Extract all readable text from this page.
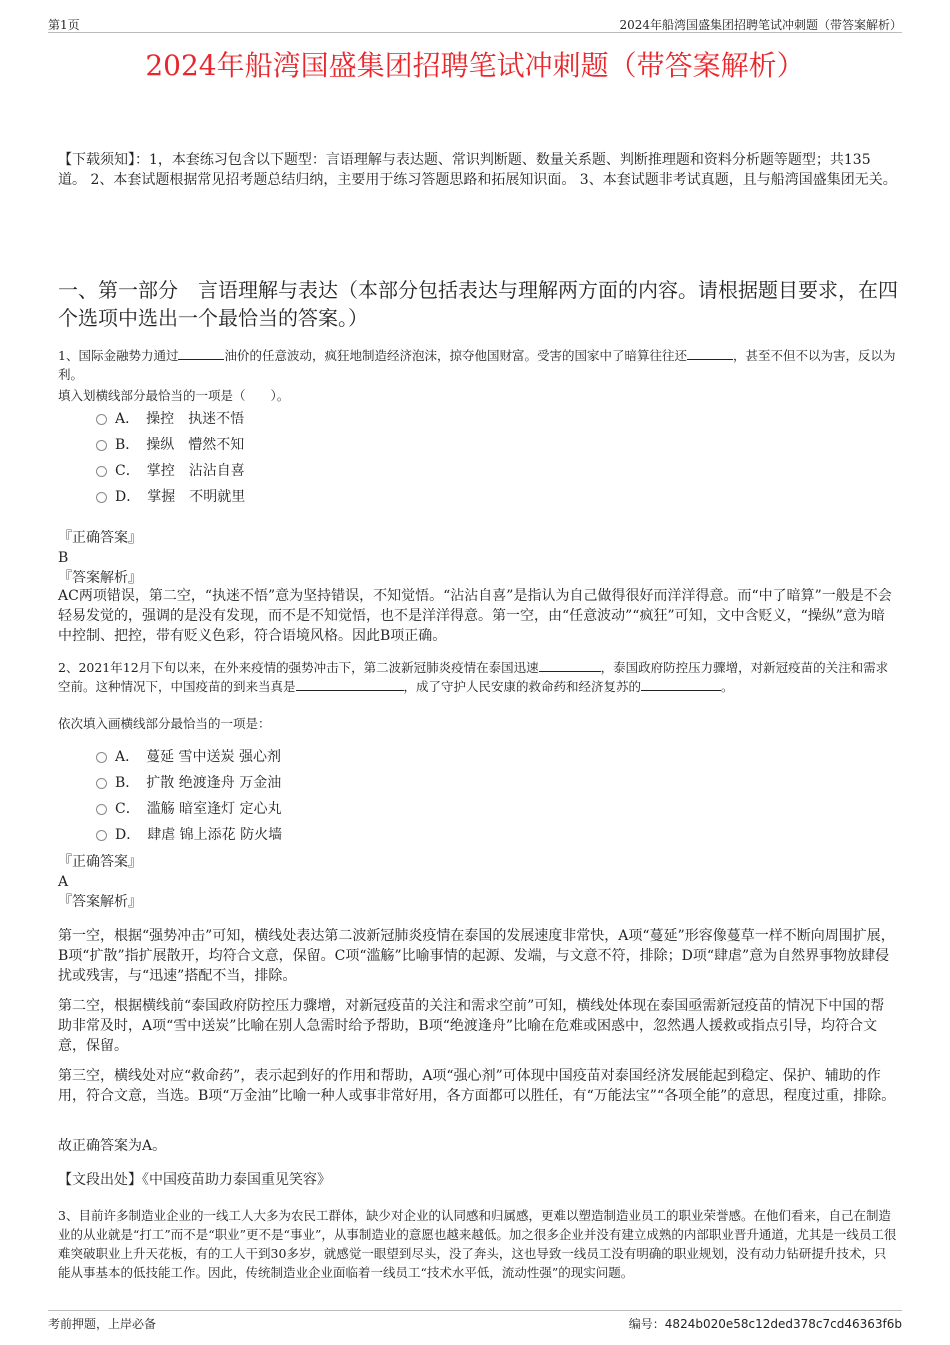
第1页	2024年船湾国盛集团招聘笔试冲刺题（带答案解析）
2024年船湾国盛集团招聘笔试冲刺题（带答案解析）
【下载须知】：1，本套练习包含以下题型：言语理解与表达题、常识判断题、数量关系题、判断推理题和资料分析题等题型；共135道。 2、本套试题根据常见招考题总结归纳，主要用于练习答题思路和拓展知识面。 3、本套试题非考试真题，且与船湾国盛集团无关。
一、第一部分　言语理解与表达（本部分包括表达与理解两方面的内容。请根据题目要求，在四个选项中选出一个最恰当的答案。）
1、国际金融势力通过	油价的任意波动，疯狂地制造经济泡沫，掠夺他国财富。受害的国家中了暗算往往还	，甚至不但不以为害，反以为利。
填入划横线部分最恰当的一项是（　　）。
A．　操控　执迷不悟
B．　操纵　懵然不知
C．　掌控　沾沾自喜
D．　掌握　不明就里
『正确答案』
B
『答案解析』
AC两项错误，第二空，“执迷不悟”意为坚持错误，不知觉悟。“沾沾自喜”是指认为自己做得很好而洋洋得意。而“中了暗算”一般是不会轻易发觉的，强调的是没有发现，而不是不知觉悟，也不是洋洋得意。第一空，由“任意波动”“疯狂”可知，文中含贬义，“操纵”意为暗中控制、把控，带有贬义色彩，符合语境风格。因此B项正确。
2、2021年12月下旬以来，在外来疫情的强势冲击下，第二波新冠肺炎疫情在泰国迅速	，泰国政府防控压力骤增，对新冠疫苗的关注和需求空前。这种情况下，中国疫苗的到来当真是	，成了守护人民安康的救命药和经济复苏的	。
依次填入画横线部分最恰当的一项是：
A．　蔓延 雪中送炭 强心剂
B．　扩散 绝渡逢舟 万金油
C．　滥觞 暗室逢灯 定心丸
D．　肆虐 锦上添花 防火墙
『正确答案』
A
『答案解析』
第一空，根据“强势冲击”可知，横线处表达第二波新冠肺炎疫情在泰国的发展速度非常快，A项“蔓延”形容像蔓草一样不断向周围扩展，B项“扩散”指扩展散开，均符合文意，保留。C项“滥觞”比喻事情的起源、发端，与文意不符，排除；D项“肆虐”意为自然界事物放肆侵扰或残害，与“迅速”搭配不当，排除。
第二空，根据横线前“泰国政府防控压力骤增，对新冠疫苗的关注和需求空前”可知，横线处体现在泰国亟需新冠疫苗的情况下中国的帮助非常及时，A项“雪中送炭”比喻在别人急需时给予帮助，B项“绝渡逢舟”比喻在危难或困惑中，忽然遇人援救或指点引导，均符合文意，保留。
第三空，横线处对应“救命药”，表示起到好的作用和帮助，A项“强心剂”可体现中国疫苗对泰国经济发展能起到稳定、保护、辅助的作用，符合文意，当选。B项“万金油”比喻一种人或事非常好用，各方面都可以胜任，有“万能法宝”“各项全能”的意思，程度过重，排除。
故正确答案为A。
【文段出处】《中国疫苗助力泰国重见笑容》
3、目前许多制造业企业的一线工人大多为农民工群体，缺少对企业的认同感和归属感，更难以塑造制造业员工的职业荣誉感。在他们看来，自己在制造业的从业就是“打工”而不是“职业”更不是“事业”，从事制造业的意愿也越来越低。加之很多企业并没有建立成熟的内部职业晋升通道，尤其是一线员工很难突破职业上升天花板，有的工人干到30多岁，就感觉一眼望到尽头，没了奔头，这也导致一线员工没有明确的职业规划，没有动力钻研提升技术，只能从事基本的低技能工作。因此，传统制造业企业面临着一线员工“技术水平低，流动性强”的现实问题。
考前押题，上岸必备	编号：4824b020e58c12ded378c7cd46363f6b
